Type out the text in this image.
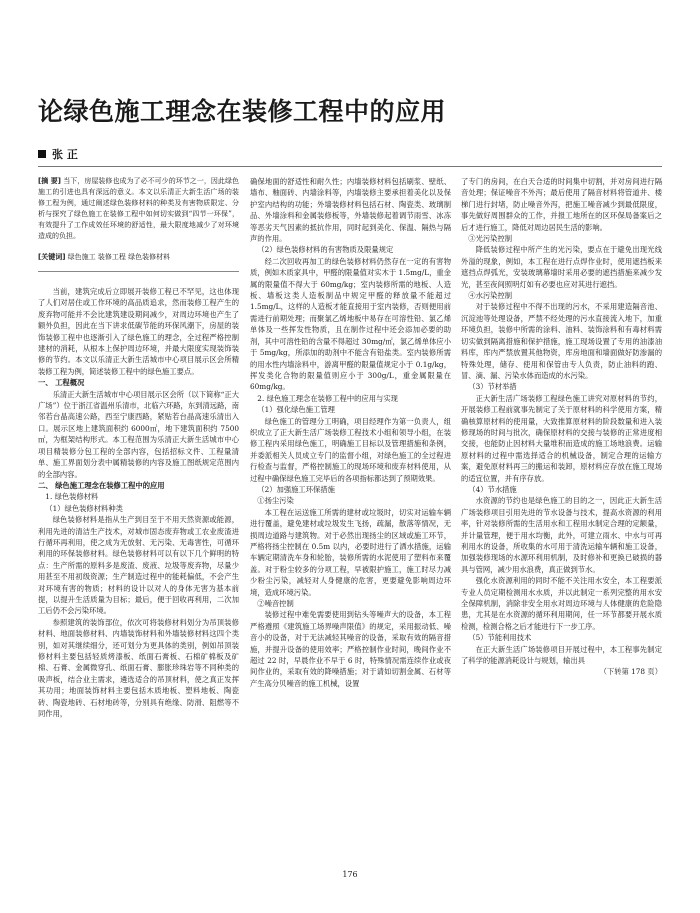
论绿色施工理念在装修工程中的应用
张 正

[摘 要] 当下，房屋装修也成为了必不可少的环节之一，因此绿色施工的引进也具有深远的意义。本文以乐清正大新生活广场的装修工程为例，通过阐述绿色装修材料的种类及有害物质限定、分析与探究了绿色施工在装修工程中如何切实做到“四节一环保”，有效提升了工作成效任环境的舒适性，最大限度地减少了对环境造成的负担。

[关键词] 绿色施工 装修工程 绿色装修材料

当前，建筑完成后立即展开装修工程已不罕见，这也体现了人们对居住或工作环境的高品质追求，然而装修工程产生的废弃物可能并不会比建筑建设期间减少，对周边环境也产生了额外负担，因此在当下讲求低碳节能的环保风潮下，房屋的装饰装修工程中也逐渐引入了绿色施工的理念，全过程严格控制建材的消耗，从根本上保护周边环境，并最大限度实现装饰装修的节约。本文以乐清正大新生活城市中心项目展示区会所精装修工程为例，简述装修工程中的绿色施工要点。

一、 工程概况

乐清正大新生活城市中心项目展示区会所（以下简称“正大广场”）位于浙江省温州乐清市，北临六环路，东到清远路，南邻若台晶高速公路，西至宁康西路，紧贴若台晶高速乐清出入口。展示区地上建筑面积约 6000㎡，地下建筑面积约 7500㎡，为框架结构形式。本工程范围为乐清正大新生活城市中心项目精装修分包工程的全部内容，包括招标文件、工程量清单、施工界面划分表中属精装修的内容及施工图纸规定范围内的全部内容。

二、 绿色施工理念在装修工程中的应用

1. 绿色装修材料

（1）绿色装修材料种类

绿色装修材料是指从生产到目至于不用天然资源或能源，利用先进的清洁生产技术，对城市固态废弃物或工农业废渣进行循环再利用，使之成为无放射、无污染、无毒害性，可循环利用的环保装修材料。绿色装修材料可以有以下几个鲜明的特点：生产所需的原料多是废渣、废液、垃圾等废弃物，尽量少用甚至不用初级资源；生产制造过程中的能耗偏低，不会产生对环境有害的物质；材料的设计以对人的身体无害为基本前提，以提升生活质量为目标；最后，便于回收再利用，二次加工后仍不会污染环境。

参照建筑的装饰部位，依次可将装修材料划分为吊顶装修材料、地面装修材料、内墙装饰材料和外墙装修材料这四个类别，如对其继续细分，还可划分为更具体的类别，例如吊顶装修材料主要包括轻质烤漆板、纸面石膏板、石棉矿棉板及矿棉、石膏、金属微穿孔、纸面石膏、膨胀珍珠岩等不同种类的吸声板，结合业主需求，遴选适合的吊顶材料，使之真正发挥其功用；地面装饰材料主要包括木质地板、塑料地板、陶瓷砖、陶瓷地砖、石材地砖等，分别具有绝缘、防滑、阻燃等不同作用，

确保地面的舒适性和耐久性；内墙装修材料包括刷浆、壁纸、墙布、釉面砖、内墙涂料等，内墙装修主要承担着美化以及保护室内结构的功能；外墙装修材料包括石材、陶瓷类、玻璃制品、外墙涂料和金属装修板等，外墙装修起着调节雨雪、冰冻等恶劣天气因素的抵抗作用，同时起到美化、保温、隔热与隔声的作用。

（2）绿色装修材料的有害物质及限量规定

经二次回收再加工的绿色装修材料仍然存在一定的有害物质，例如木质家具中，甲醛的限量值对实木于 1.5mg/L，重金属的限量值不得大于 60mg/kg；室内装修所需的地板、人造板、墙板这类人造板制品中规定甲醛的释放量不能超过 1.5mg/L，这样的人造板才能直接用于室内装修，否则便用前需进行前期处理；而聚氯乙烯地板中易存在可溶性铅、氯乙烯单体及一些挥发性物质，且在制作过程中还会添加必要的助剂，其中可溶性铅的含量不得超过 30mg/㎡，氯乙烯单体应小于 5mg/kg，所添加的助剂中不能含有铅盐类。室内装修所需的用水性内墙涂料中，游离甲醛的限量值规定小于 0.1g/kg，挥发类化合物的限量值则应小于 300g/L，重金属限量在 60mg/kg。

2. 绿色施工理念在装修工程中的应用与实现

（1）强化绿色施工管理

绿色施工的管理分工明确，项目经理作为第一负责人，组织成立了正大新生活广场装修工程技术小组和领导小组，在装修工程内采用绿色施工，明确施工目标以及管理措施和条例，并委派相关人员成立专门的监督小组，对绿色施工的全过程进行检查与监督，严格控制施工的现场环境和废弃材料使用，从过程中确保绿色施工完毕后的各项指标都达到了预期效果。

（2）加强施工环保措施

①扬尘污染

本工程在运送施工所需的建材或垃圾时，切实对运输车辆进行覆盖，避免建材或垃圾发生飞扬，疏漏，散落等情况，无损周边道路与建筑物。对于必然出现扬尘的区域或施工环节，严格将扬尘控制在 0.5m 以内，必要时进行了洒水措施，运输车辆定期清洗车身和轮胎，装修所需的水泥使用了塑料布来覆盖。对于粉尘较多的分项工程，早被限护施工，施工时尽力减少粉尘污染，减轻对人身健康的危害，更要避免影响周边环境，造成环境污染。

②噪音控制

装修过程中难免需要使用到钻头等噪声大的设备，本工程严格遵照《建筑施工场界噪声限值》的规定，采用振动低、噪音小的设备，对于无法减轻其噪音的设备，采取有效的隔音措施，并提升设备的使用效率；严格控制作业时间，晚间作业不超过 22 时，早晨作业不早于 6 时，特殊情况需连续作业或夜间作业的，采取有效的降噪措施；对于请如切割金属、石材等产生高分贝噪音的施工机械，设置

了专门的房间，在白天合适的时间集中切割，并对房间进行隔音处理；保证噪音不外泻；最后使用了隔音材料将管道井、楼梯门进行封堵，防止噪音外泻，把施工噪音减少到最低限度，事先做好周围群众的工作，并报工地所在的区环保局备案后之后才进行施工，降低对周边居民生活的影响。

③光污染控制

降低装修过程中所产生的光污染，要点在于避免出现光线外溢的现象，例如，本工程在进行点焊作业时，使用遮挡板来遮挡点焊弧光，安装玻璃幕墙时采用必要的遮挡措施来减少发光，甚至夜间照明灯如有必要也应对其进行遮挡。

④水污染控制

对于装修过程中不得不出现的污水，不采用建造隔音池、沉淀池等处理设备，严禁不经处理的污水直接流入地下，加重环境负担，装修中所需的涂料、油料、装饰涂料和有毒材料需切实做到隔离措施和保护措施，施工现场设置了专用的油漆油料库，库内严禁放置其他物资，库房地面和墙面做好防渗漏的特殊处理，储存、使用和保管由专人负责，防止油料的跑、冒、滴、漏、污染水体而造成的水污染。

（3）节材举措

正大新生活广场装修工程绿色施工讲究对原材料的节约，开展装修工程前就事先制定了关于原材料的科学使用方案，精确核算原材料的使用量，大致推算原材料的阶段数量和进入装修现场的时间与批次，确保原材料的交接与装修的正常进度相交接，也能防止因材料大量堆积而造成的施工场地浪费。运输原材料的过程中需选择适合的机械设备，制定合理的运输方案，避免原材料再三的搬运和装卸，原材料应存放在施工现场的适宜位置，并有序存放。

（4）节水措施

水资源的节约也是绿色施工的目的之一，因此正大新生活广场装修项目引用先进的节水设备与技术，提高水资源的利用率，针对装修所需的生活用水和工程用水制定合理的定额量，并计量管理，便于用水均衡，此外，可建立雨水、中水与可再利用水的设备，所收集的水可用于清洗运输车辆和施工设备，加强装修现场的水源环利用机制，及时修补和更换已破损的器具与管网，减少用水浪费，真正做到节水。

强化水资源利用的同时不能不关注用水安全，本工程要派专业人员定期检测用水水质，并以此制定一系列完整的用水安全保障机制，消除非安全用水对周边环境与人体健康的危险隐患，尤其是在水资源的循环利用期间，任一环节都要开展水质检测，检测合格之后才能进行下一步工序。

（5）节能利用技术

在正大新生活广场装修项目开展过程中，本工程事先制定了科学的能源消耗设计与规划，输出具

（下转第 178 页）

176
